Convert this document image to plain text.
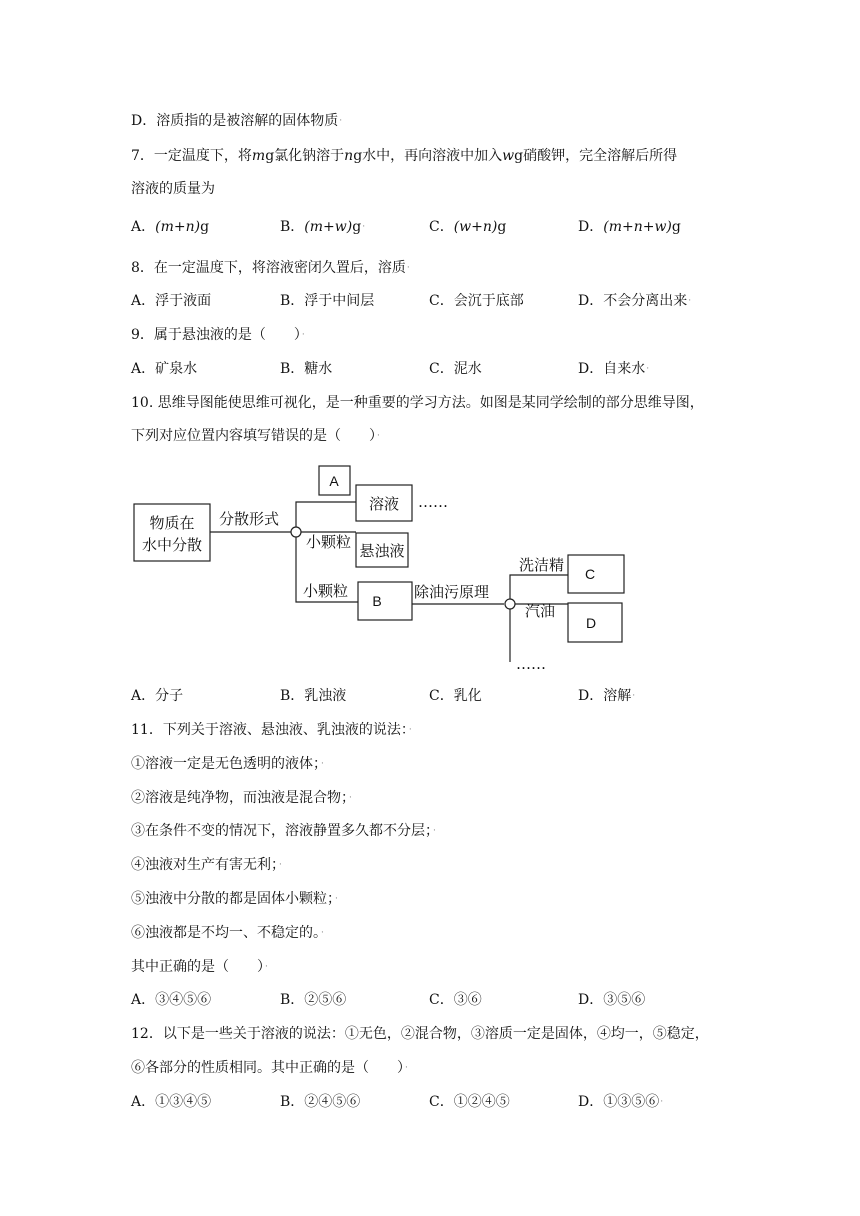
D．溶质指的是被溶解的固体物质·
7．一定温度下，将mg氯化钠溶于ng水中，再向溶液中加入wg硝酸钾，完全溶解后所得
溶液的质量为
A．(m+n)g	B．(m+w)g·	C．(w+n)g	D．(m+n+w)g
8．在一定温度下，将溶液密闭久置后，溶质·
A．浮于液面	B．浮于中间层	C．会沉于底部	D．不会分离出来·
9．属于悬浊液的是（　　）·
A．矿泉水	B．糖水	C．泥水	D．自来水·
10. 思维导图能使思维可视化，是一种重要的学习方法。如图是某同学绘制的部分思维导图，
下列对应位置内容填写错误的是（　　）·
物质在
水中分散
分散形式
A
溶液 ……
小颗粒 悬浊液
小颗粒
B 除油污原理
洗洁精 C
汽油
D
……
A．分子	B．乳浊液	C．乳化	D．溶解·
11．下列关于溶液、悬浊液、乳浊液的说法：·
①溶液一定是无色透明的液体；·
②溶液是纯净物，而浊液是混合物；·
③在条件不变的情况下，溶液静置多久都不分层；·
④浊液对生产有害无利；·
⑤浊液中分散的都是固体小颗粒；·
⑥浊液都是不均一、不稳定的。·
其中正确的是（　　）·
A．③④⑤⑥	B．②⑤⑥	C．③⑥	D．③⑤⑥
12．以下是一些关于溶液的说法：①无色，②混合物，③溶质一定是固体，④均一，⑤稳定，
⑥各部分的性质相同。其中正确的是（　　）·
A．①③④⑤	B．②④⑤⑥	C．①②④⑤	D．①③⑤⑥·
